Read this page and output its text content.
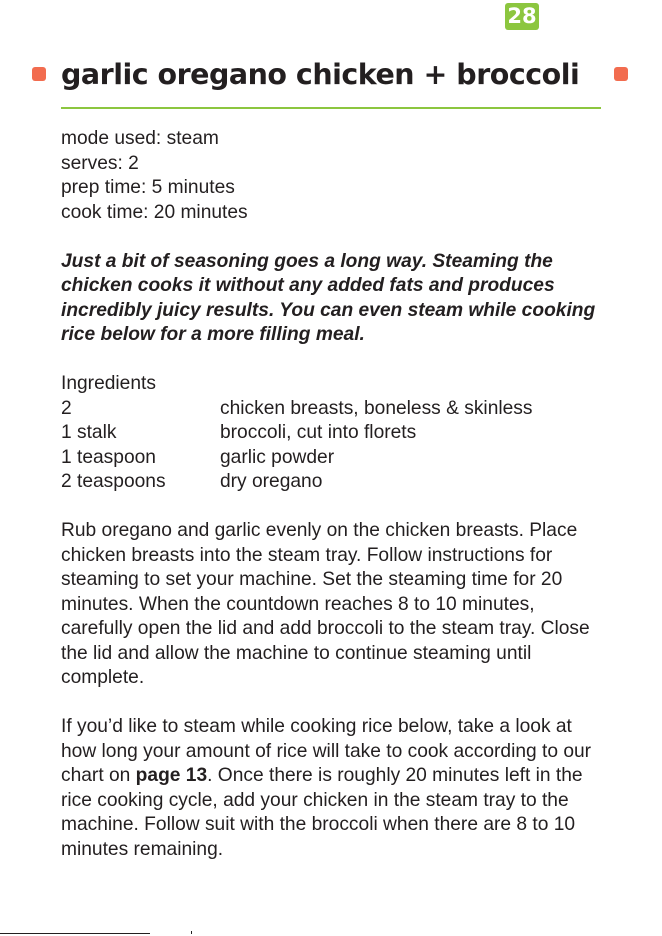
28
garlic oregano chicken + broccoli

mode used: steam

serves: 2

prep time: 5 minutes

cook time: 20 minutes

Just a bit of seasoning goes a long way. Steaming the chicken cooks it without any added fats and produces incredibly juicy results. You can even steam while cooking rice below for a more filling meal.

Ingredients
2	chicken breasts, boneless & skinless
1 stalk	broccoli, cut into florets
1 teaspoon	garlic powder
2 teaspoons	dry oregano

Rub oregano and garlic evenly on the chicken breasts. Place chicken breasts into the steam tray. Follow instructions for steaming to set your machine. Set the steaming time for 20 minutes. When the countdown reaches 8 to 10 minutes, carefully open the lid and add broccoli to the steam tray. Close the lid and allow the machine to continue steaming until complete.

If you’d like to steam while cooking rice below, take a look at how long your amount of rice will take to cook according to our chart on page 13. Once there is roughly 20 minutes left in the rice cooking cycle, add your chicken in the steam tray to the machine. Follow suit with the broccoli when there are 8 to 10 minutes remaining.
